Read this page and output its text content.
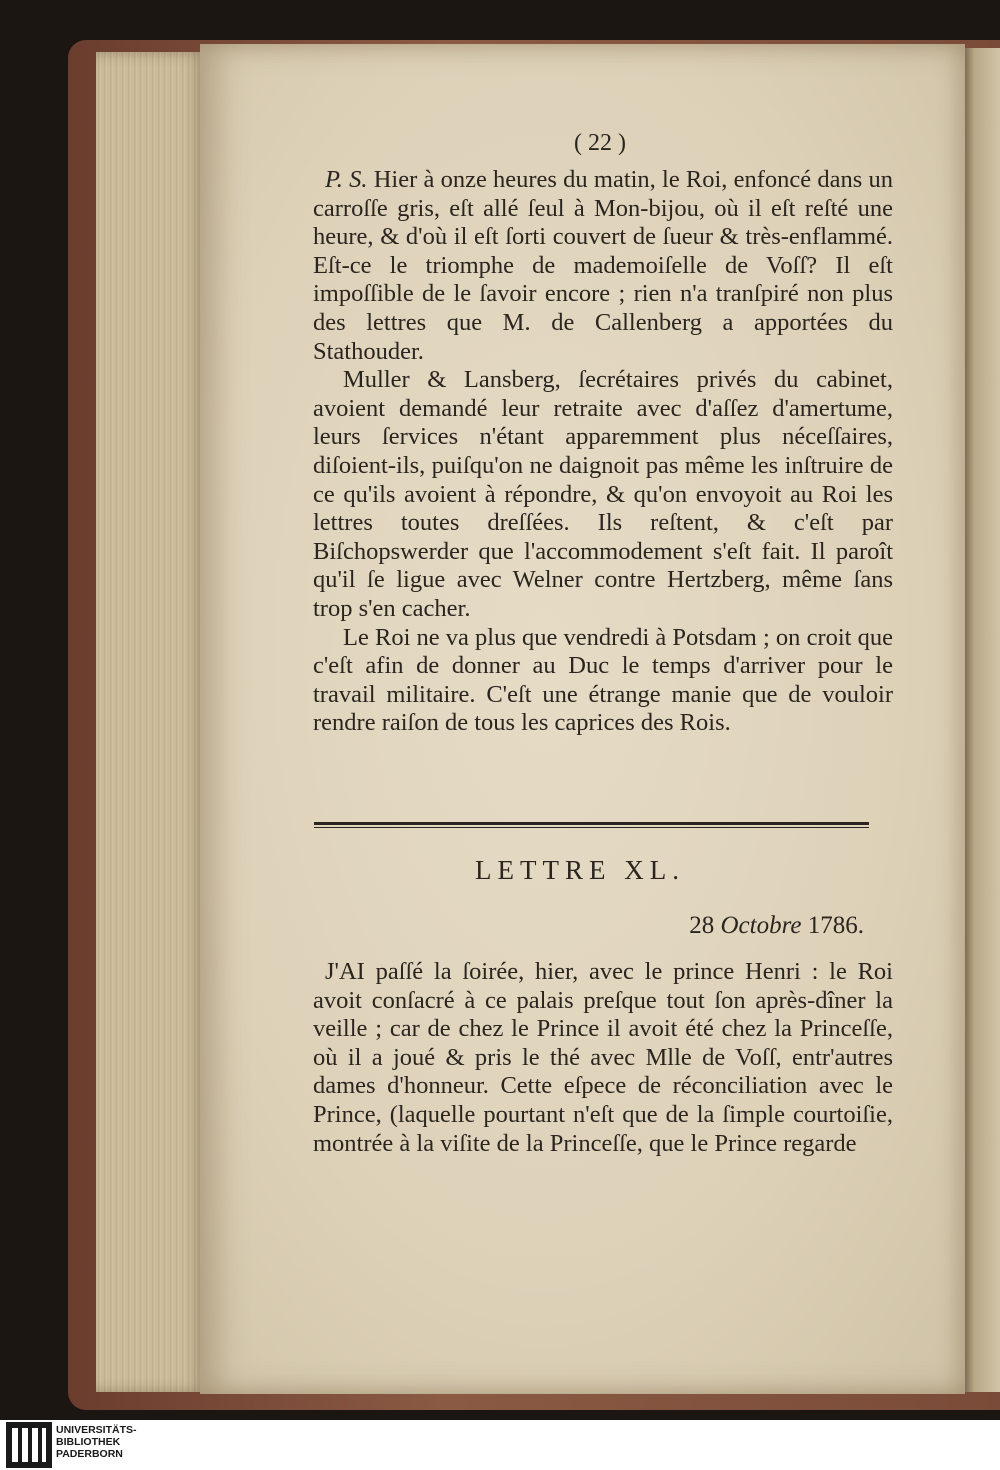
( 22 )

P. S. Hier à onze heures du matin, le Roi, enfoncé dans un carroſſe gris, eſt allé ſeul à Mon-bijou, où il eſt reſté une heure, & d'où il eſt ſorti couvert de ſueur & très-enflammé. Eſt-ce le triomphe de mademoiſelle de Voſſ? Il eſt impoſſible de le ſavoir encore ; rien n'a tranſpiré non plus des lettres que M. de Callenberg a apportées du Stathouder.

Muller & Lansberg, ſecrétaires privés du cabinet, avoient demandé leur retraite avec d'aſſez d'amertume, leurs ſervices n'étant apparemment plus néceſſaires, diſoient-ils, puiſqu'on ne daignoit pas même les inſtruire de ce qu'ils avoient à répondre, & qu'on envoyoit au Roi les lettres toutes dreſſées. Ils reſtent, & c'eſt par Biſchopswerder que l'accommodement s'eſt fait. Il paroît qu'il ſe ligue avec Welner contre Hertzberg, même ſans trop s'en cacher.

Le Roi ne va plus que vendredi à Potsdam ; on croit que c'eſt afin de donner au Duc le temps d'arriver pour le travail militaire. C'eſt une étrange manie que de vouloir rendre raiſon de tous les caprices des Rois.

LETTRE XL.
28 Octobre 1786.

J'AI paſſé la ſoirée, hier, avec le prince Henri : le Roi avoit conſacré à ce palais preſque tout ſon après-dîner la veille ; car de chez le Prince il avoit été chez la Princeſſe, où il a joué & pris le thé avec Mlle de Voſſ, entr'autres dames d'honneur. Cette eſpece de réconciliation avec le Prince, (laquelle pourtant n'eſt que de la ſimple courtoiſie, montrée à la viſite de la Princeſſe, que le Prince regarde

UNIVERSITÄTS-
BIBLIOTHEK
PADERBORN
